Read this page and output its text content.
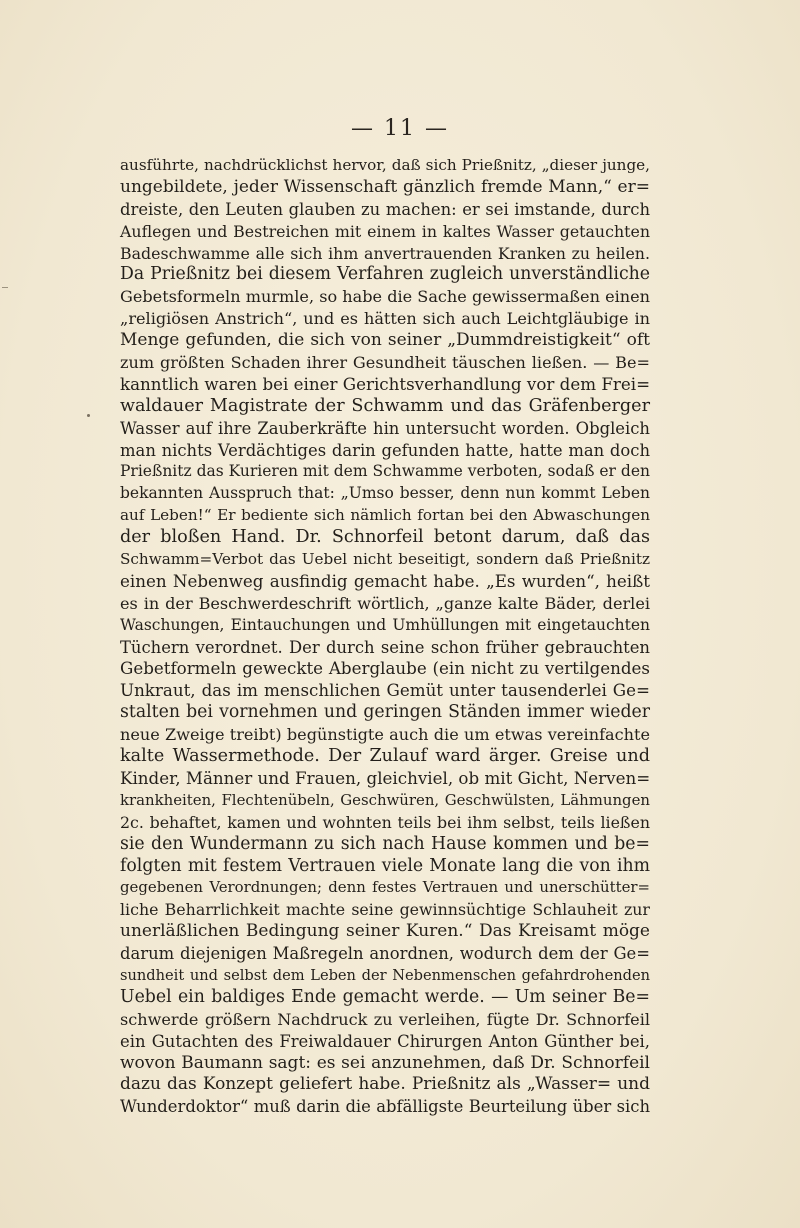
— 11 —
ausführte, nachdrücklichst hervor, daß sich Prießnitz, „dieser junge,
ungebildete, jeder Wissenschaft gänzlich fremde Mann,“ er=
dreiste, den Leuten glauben zu machen: er sei imstande, durch
Auflegen und Bestreichen mit einem in kaltes Wasser getauchten
Badeschwamme alle sich ihm anvertrauenden Kranken zu heilen.
Da Prießnitz bei diesem Verfahren zugleich unverständliche
Gebetsformeln murmle, so habe die Sache gewissermaßen einen
„religiösen Anstrich“, und es hätten sich auch Leichtgläubige in
Menge gefunden, die sich von seiner „Dummdreistigkeit“ oft
zum größten Schaden ihrer Gesundheit täuschen ließen. — Be=
kanntlich waren bei einer Gerichtsverhandlung vor dem Frei=
waldauer Magistrate der Schwamm und das Gräfenberger
Wasser auf ihre Zauberkräfte hin untersucht worden. Obgleich
man nichts Verdächtiges darin gefunden hatte, hatte man doch
Prießnitz das Kurieren mit dem Schwamme verboten, sodaß er den
bekannten Ausspruch that: „Umso besser, denn nun kommt Leben
auf Leben!“ Er bediente sich nämlich fortan bei den Abwaschungen
der bloßen Hand. Dr. Schnorfeil betont darum, daß das
Schwamm=Verbot das Uebel nicht beseitigt, sondern daß Prießnitz
einen Nebenweg ausfindig gemacht habe. „Es wurden“, heißt
es in der Beschwerdeschrift wörtlich, „ganze kalte Bäder, derlei
Waschungen, Eintauchungen und Umhüllungen mit eingetauchten
Tüchern verordnet. Der durch seine schon früher gebrauchten
Gebetformeln geweckte Aberglaube (ein nicht zu vertilgendes
Unkraut, das im menschlichen Gemüt unter tausenderlei Ge=
stalten bei vornehmen und geringen Ständen immer wieder
neue Zweige treibt) begünstigte auch die um etwas vereinfachte
kalte Wassermethode. Der Zulauf ward ärger. Greise und
Kinder, Männer und Frauen, gleichviel, ob mit Gicht, Nerven=
krankheiten, Flechtenübeln, Geschwüren, Geschwülsten, Lähmungen
2c. behaftet, kamen und wohnten teils bei ihm selbst, teils ließen
sie den Wundermann zu sich nach Hause kommen und be=
folgten mit festem Vertrauen viele Monate lang die von ihm
gegebenen Verordnungen; denn festes Vertrauen und unerschütter=
liche Beharrlichkeit machte seine gewinnsüchtige Schlauheit zur
unerläßlichen Bedingung seiner Kuren.“ Das Kreisamt möge
darum diejenigen Maßregeln anordnen, wodurch dem der Ge=
sundheit und selbst dem Leben der Nebenmenschen gefahrdrohenden
Uebel ein baldiges Ende gemacht werde. — Um seiner Be=
schwerde größern Nachdruck zu verleihen, fügte Dr. Schnorfeil
ein Gutachten des Freiwaldauer Chirurgen Anton Günther bei,
wovon Baumann sagt: es sei anzunehmen, daß Dr. Schnorfeil
dazu das Konzept geliefert habe. Prießnitz als „Wasser= und
Wunderdoktor“ muß darin die abfälligste Beurteilung über sich
